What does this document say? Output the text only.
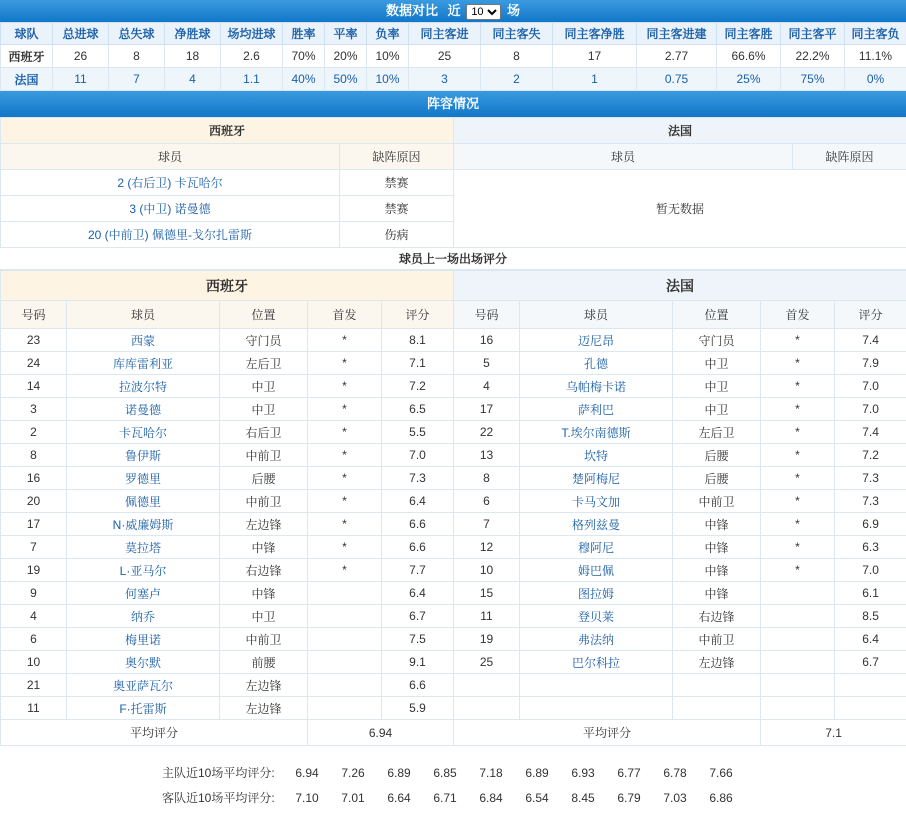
数据对比 近
10	场
球队	总进球	总失球	净胜球	场均进球	胜率	平率	负率	同主客进	同主客失	同主客净胜	同主客进建	同主客胜	同主客平	同主客负
西班牙	26	8	18	2.6	70%	20%	10%	25	8	17	2.77	66.6%	22.2%	11.1%
法国	11	7	4	1.1	40%	50%	10%	3	2	1	0.75	25%	75%	0%
阵容情况
西班牙		法国	
球员	缺阵原因	球员	缺阵原因
2 (右后卫) 卡瓦哈尔	禁赛	暂无数据	
3 (中卫) 诺曼德	禁赛		
20 (中前卫) 佩德里-戈尔扎雷斯	伤病		
球员上一场出场评分
西班牙					法国				
号码	球员	位置	首发	评分	号码	球员	位置	首发	评分
23	西蒙	守门员	*	8.1	16	迈尼昂	守门员	*	7.4
24	库库雷利亚	左后卫	*	7.1	5	孔德	中卫	*	7.9
14	拉波尔特	中卫	*	7.2	4	乌帕梅卡诺	中卫	*	7.0
3	诺曼德	中卫	*	6.5	17	萨利巴	中卫	*	7.0
2	卡瓦哈尔	右后卫	*	5.5	22	T.埃尔南德斯	左后卫	*	7.4
8	鲁伊斯	中前卫	*	7.0	13	坎特	后腰	*	7.2
16	罗德里	后腰	*	7.3	8	楚阿梅尼	后腰	*	7.3
20	佩德里	中前卫	*	6.4	6	卡马文加	中前卫	*	7.3
17	N·威廉姆斯	左边锋	*	6.6	7	格列兹曼	中锋	*	6.9
7	莫拉塔	中锋	*	6.6	12	穆阿尼	中锋	*	6.3
19	L·亚马尔	右边锋	*	7.7	10	姆巴佩	中锋	*	7.0
9	何塞卢	中锋		6.4	15	图拉姆	中锋		6.1
4	纳乔	中卫		6.7	11	登贝莱	右边锋		8.5
6	梅里诺	中前卫		7.5	19	弗法纳	中前卫		6.4
10	奥尔默	前腰		9.1	25	巴尔科拉	左边锋		6.7
21	奥亚萨瓦尔	左边锋		6.6					
11	F·托雷斯	左边锋		5.9					
平均评分			6.94		平均评分			7.1	
主队近10场平均评分: 6.94 7.26 6.89 6.85 7.18 6.89 6.93 6.77 6.78 7.66
客队近10场平均评分: 7.10 7.01 6.64 6.71 6.84 6.54 8.45 6.79 7.03 6.86
